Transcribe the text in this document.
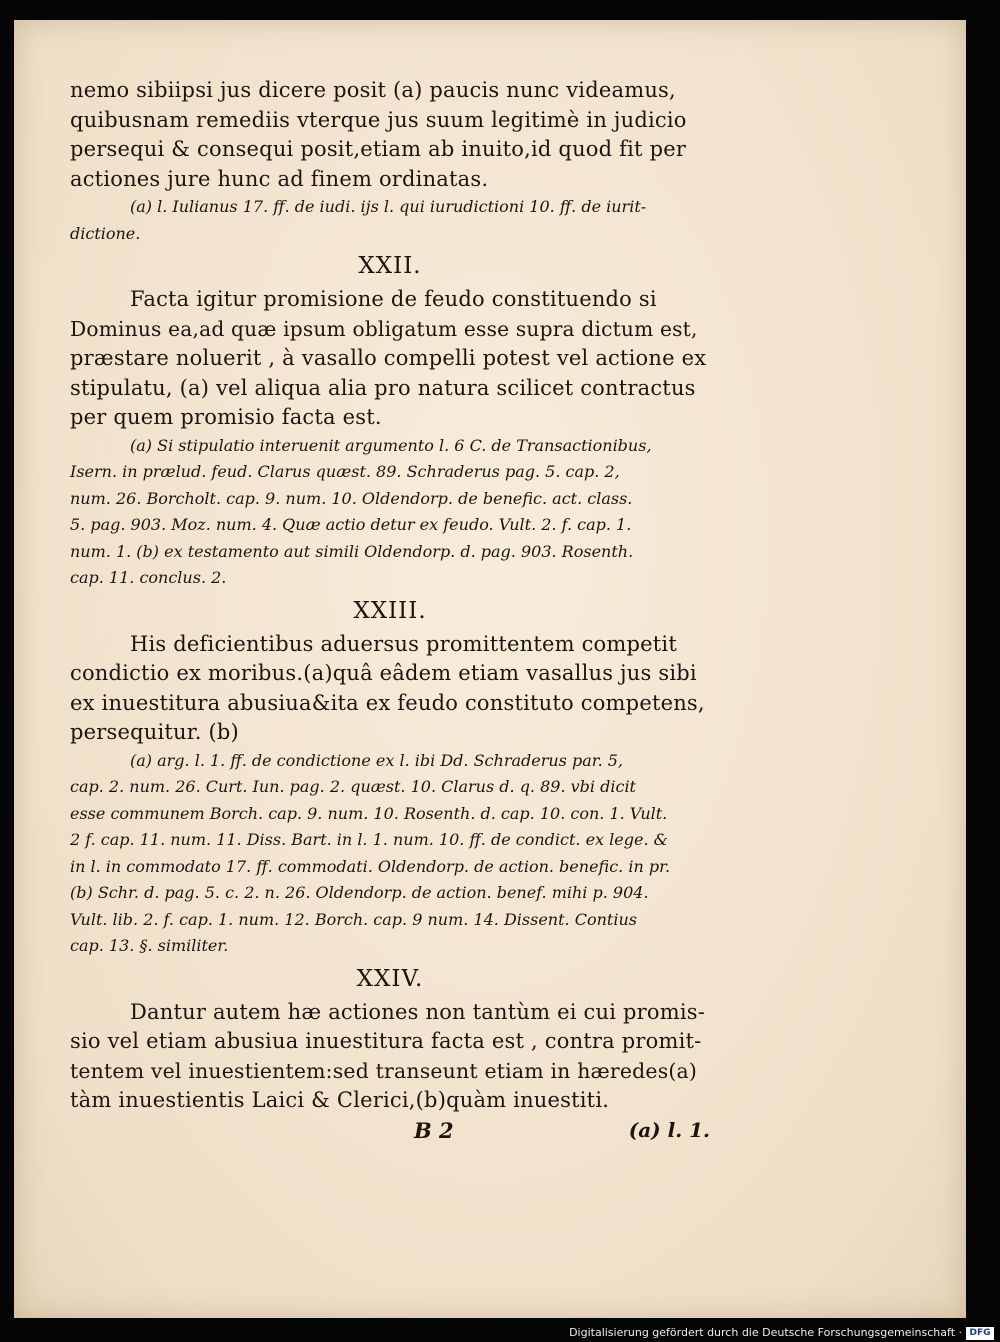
nemo sibiipsi jus dicere posit (a) paucis nunc videamus,
quibusnam remediis vterque jus suum legitimè in judicio
persequi & consequi posit,etiam ab inuito,id quod fit per
actiones jure hunc ad finem ordinatas.
(a) l. Iulianus 17. ff. de iudi. ijs l. qui iurudictioni 10. ff. de iurit-
dictione.
XXII.
Facta igitur promisione de feudo constituendo si
Dominus ea,ad quæ ipsum obligatum esse supra dictum est,
præstare noluerit , à vasallo compelli potest vel actione ex
stipulatu, (a) vel aliqua alia pro natura scilicet contractus
per quem promisio facta est.
(a) Si stipulatio interuenit argumento l. 6 C. de Transactionibus,
Isern. in prælud. feud. Clarus quæst. 89. Schraderus pag. 5. cap. 2,
num. 26. Borcholt. cap. 9. num. 10. Oldendorp. de benefic. act. class.
5. pag. 903. Moz. num. 4. Quæ actio detur ex feudo. Vult. 2. f. cap. 1.
num. 1. (b) ex testamento aut simili Oldendorp. d. pag. 903. Rosenth.
cap. 11. conclus. 2.
XXIII.
His deficientibus aduersus promittentem competit
condictio ex moribus.(a)quâ eâdem etiam vasallus jus sibi
ex inuestitura abusiua&ita ex feudo constituto competens,
persequitur. (b)
(a) arg. l. 1. ff. de condictione ex l. ibi Dd. Schraderus par. 5,
cap. 2. num. 26. Curt. Iun. pag. 2. quæst. 10. Clarus d. q. 89. vbi dicit
esse communem Borch. cap. 9. num. 10. Rosenth. d. cap. 10. con. 1. Vult.
2 f. cap. 11. num. 11. Diss. Bart. in l. 1. num. 10. ff. de condict. ex lege. &
in l. in commodato 17. ff. commodati. Oldendorp. de action. benefic. in pr.
(b) Schr. d. pag. 5. c. 2. n. 26. Oldendorp. de action. benef. mihi p. 904.
Vult. lib. 2. f. cap. 1. num. 12. Borch. cap. 9 num. 14. Dissent. Contius
cap. 13. §. similiter.
XXIV.
Dantur autem hæ actiones non tantùm ei cui promis-
sio vel etiam abusiua inuestitura facta est , contra promit-
tentem vel inuestientem:sed transeunt etiam in hæredes(a)
tàm inuestientis Laici & Clerici,(b)quàm inuestiti.
B 2	(a) l. 1.
Digitalisierung gefördert durch die Deutsche Forschungsgemeinschaft · DFG
